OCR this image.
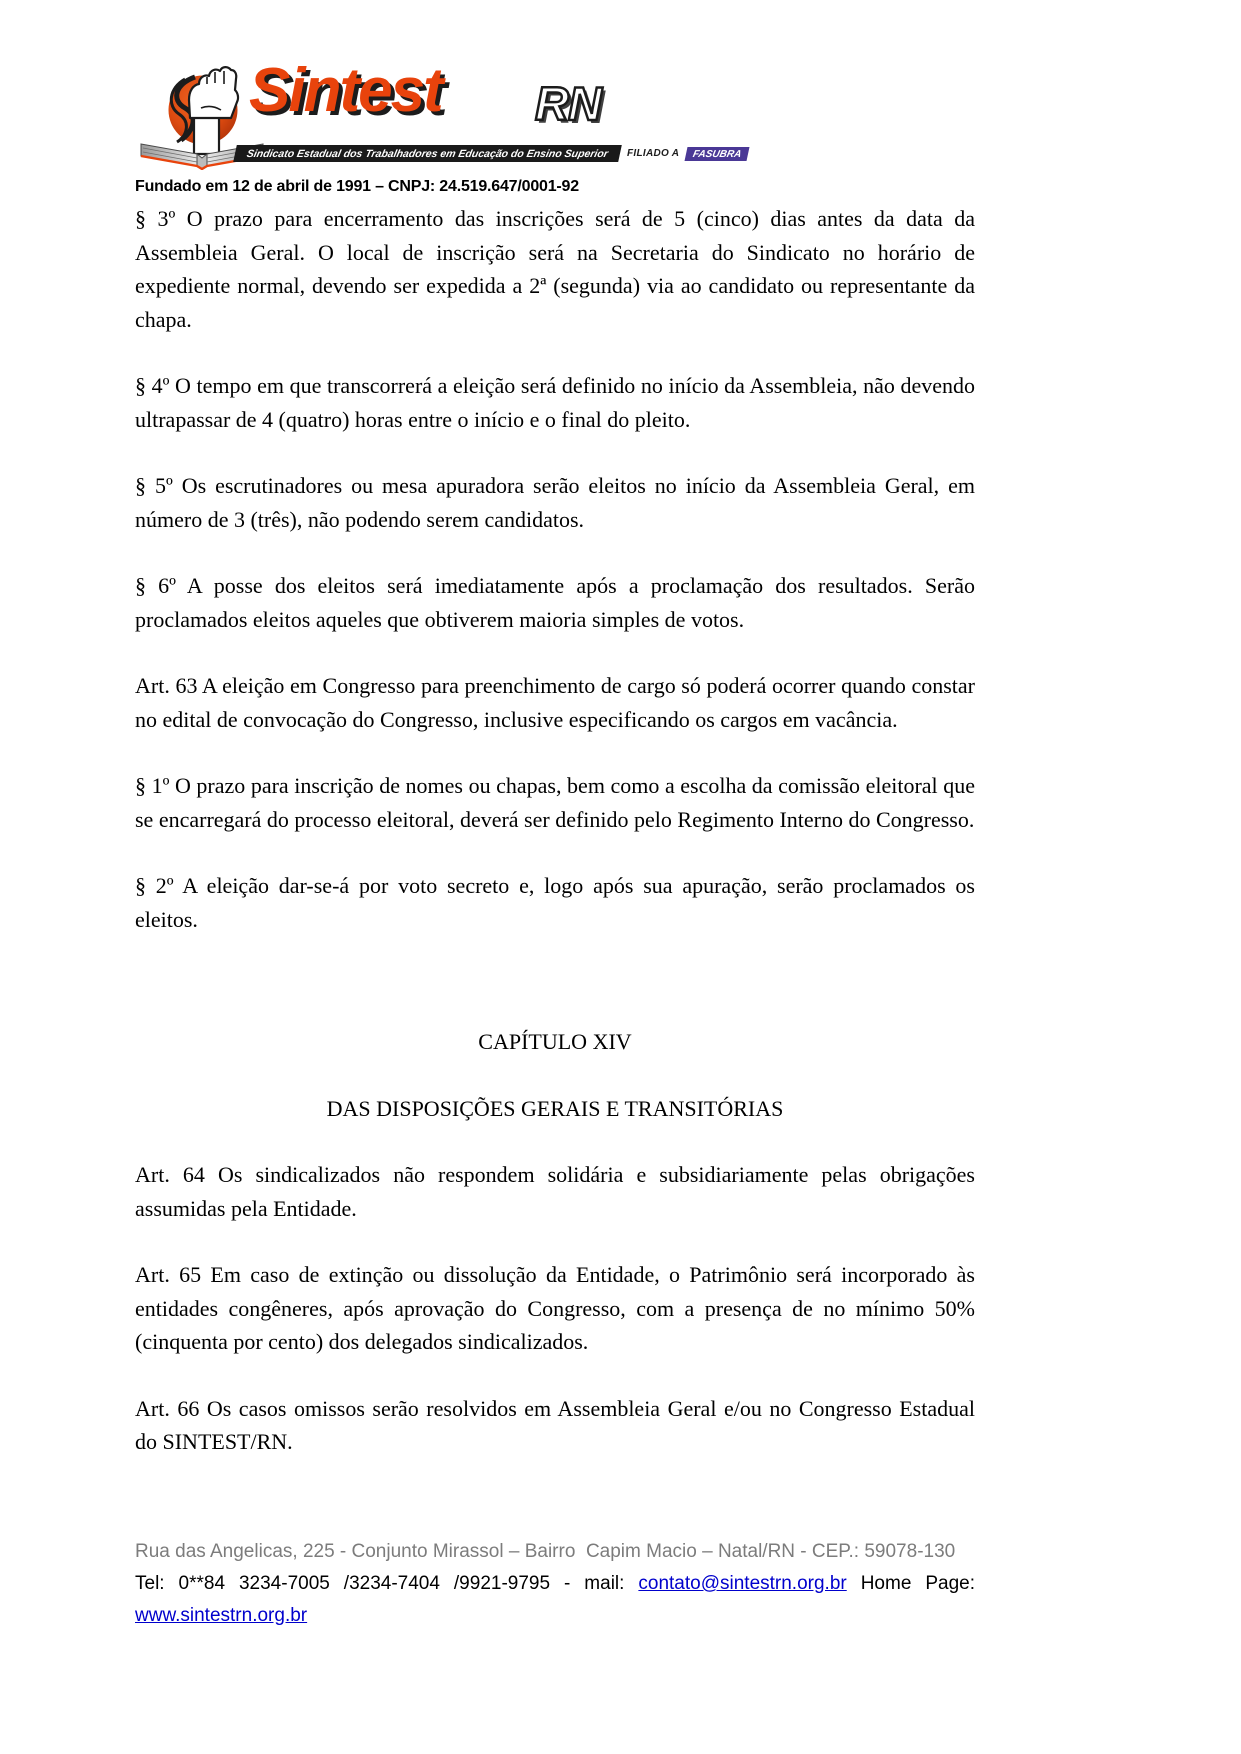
Sintest RN
Sindicato Estadual dos Trabalhadores em Educação do Ensino Superior	FILIADO A	FASUBRA
Fundado em 12 de abril de 1991 – CNPJ: 24.519.647/0001-92

§ 3º O prazo para encerramento das inscrições será de 5 (cinco) dias antes da data da Assembleia Geral. O local de inscrição será na Secretaria do Sindicato no horário de expediente normal, devendo ser expedida a 2ª (segunda) via ao candidato ou representante da chapa.

§ 4º O tempo em que transcorrerá a eleição será definido no início da Assembleia, não devendo ultrapassar de 4 (quatro) horas entre o início e o final do pleito.

§ 5º Os escrutinadores ou mesa apuradora serão eleitos no início da Assembleia Geral, em número de 3 (três), não podendo serem candidatos.

§ 6º A posse dos eleitos será imediatamente após a proclamação dos resultados. Serão proclamados eleitos aqueles que obtiverem maioria simples de votos.

Art. 63 A eleição em Congresso para preenchimento de cargo só poderá ocorrer quando constar no edital de convocação do Congresso, inclusive especificando os cargos em vacância.

§ 1º O prazo para inscrição de nomes ou chapas, bem como a escolha da comissão eleitoral que se encarregará do processo eleitoral, deverá ser definido pelo Regimento Interno do Congresso.

§ 2º A eleição dar-se-á por voto secreto e, logo após sua apuração, serão proclamados os eleitos.

CAPÍTULO XIV

DAS DISPOSIÇÕES GERAIS E TRANSITÓRIAS

Art. 64 Os sindicalizados não respondem solidária e subsidiariamente pelas obrigações assumidas pela Entidade.

Art. 65 Em caso de extinção ou dissolução da Entidade, o Patrimônio será incorporado às entidades congêneres, após aprovação do Congresso, com a presença de no mínimo 50% (cinquenta por cento) dos delegados sindicalizados.

Art. 66 Os casos omissos serão resolvidos em Assembleia Geral e/ou no Congresso Estadual do SINTEST/RN.

Rua das Angelicas, 225 - Conjunto Mirassol – Bairro  Capim Macio – Natal/RN - CEP.: 59078-130
Tel: 0**84 3234-7005 /3234-7404 /9921-9795 - mail: contato@sintestrn.org.br Home Page:
www.sintestrn.org.br
